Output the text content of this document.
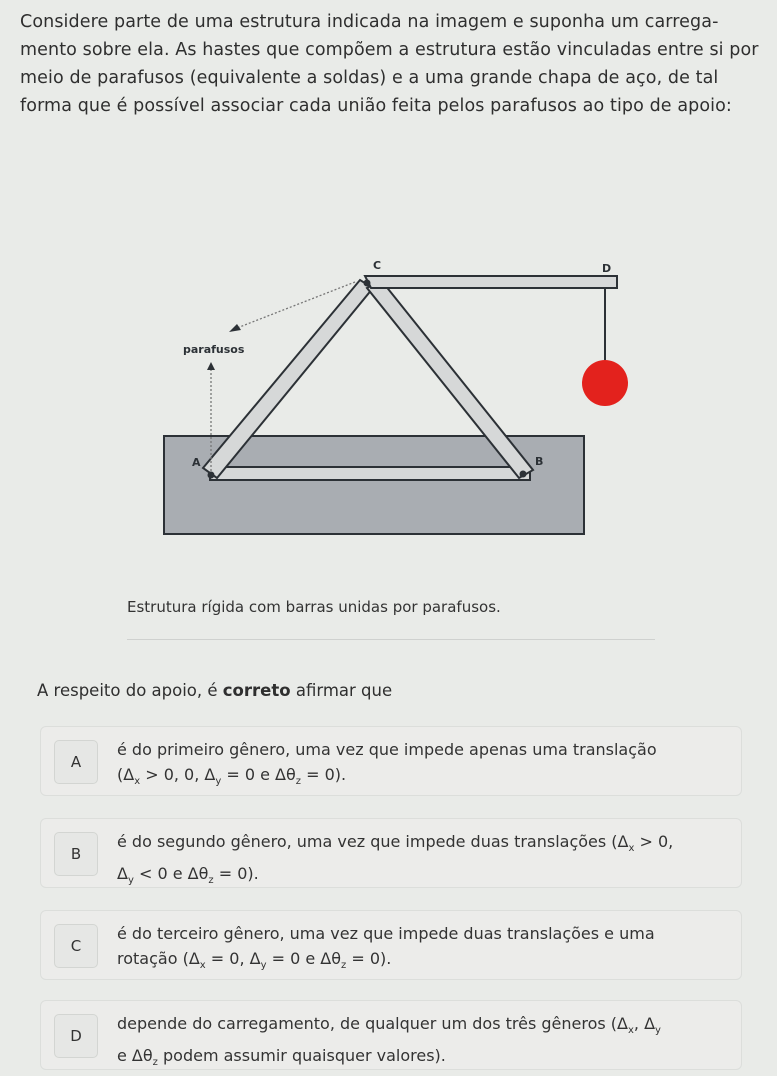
Considere parte de uma estrutura indicada na imagem e suponha um carrega- mento sobre ela. As hastes que compõem a estrutura estão vinculadas entre si por meio de parafusos (equivalente a soldas) e a uma grande chapa de aço, de tal forma que é possível associar cada união feita pelos parafusos ao tipo de apoio:

C	D
A	B
parafusos
Estrutura rígida com barras unidas por parafusos.
A respeito do apoio, é correto afirmar que
A
é do primeiro gênero, uma vez que impede apenas uma translação
($\Delta_x > 0$, 0, $\Delta_y = 0$ e $\Delta\theta_z = 0$).
B
é do segundo gênero, uma vez que impede duas translações ($\Delta_x > 0$,
$\Delta_y < 0$ e $\Delta\theta_z = 0$).
C
é do terceiro gênero, uma vez que impede duas translações e uma
rotação ($\Delta_x = 0$, $\Delta_y = 0$ e $\Delta\theta_z = 0$).
D
depende do carregamento, de qualquer um dos três gêneros ($\Delta_x$, $\Delta_y$
e $\Delta\theta_z$ podem assumir quaisquer valores).
